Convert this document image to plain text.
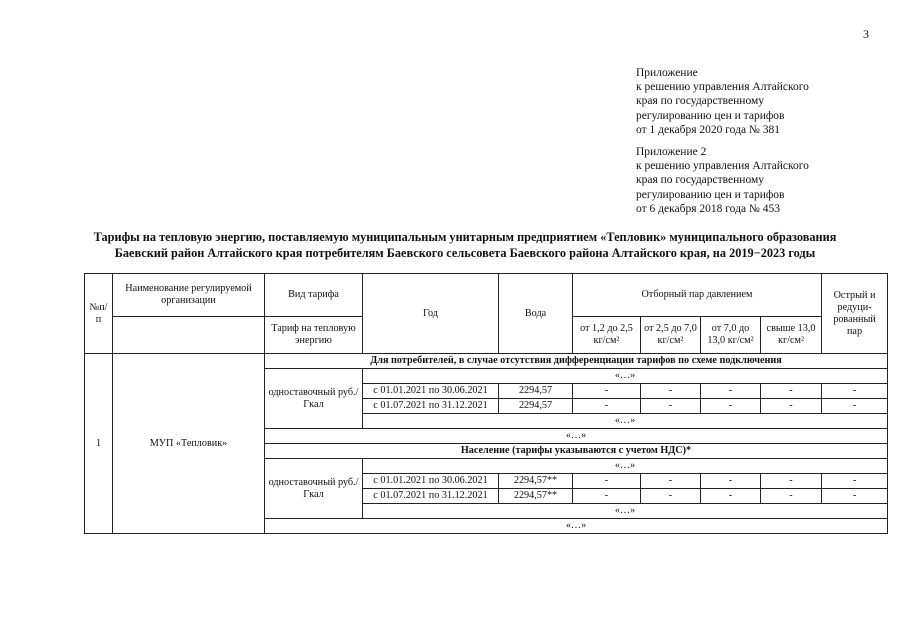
3
Приложение
к решению управления Алтайского
края по государственному
регулированию цен и тарифов
от 1 декабря 2020 года № 381
Приложение 2
к решению управления Алтайского
края по государственному
регулированию цен и тарифов
от 6 декабря 2018 года № 453
Тарифы на тепловую энергию, поставляемую муниципальным унитарным предприятием «Тепловик» муниципального образования
Баевский район Алтайского края потребителям Баевского сельсовета Баевского района Алтайского края, на 2019−2023 годы
№п/п	Наименование регулируемой организации	Вид тарифа	Год	Вода	Отборный пар давлением				Острый и редуци- рованный пар
		Тариф на тепловую энергию			от 1,2 до 2,5 кг/см²	от 2,5 до 7,0 кг/см²	от 7,0 до 13,0 кг/см²	свыше 13,0 кг/см²	
1	МУП «Тепловик»	Для потребителей, в случае отсутствия дифференциации тарифов по схеме подключения							
		одноставочный руб./Гкал	«…»						
			с 01.01.2021 по 30.06.2021	2294,57	-	-	-	-	-
			с 01.07.2021 по 31.12.2021	2294,57	-	-	-	-	-
			«…»						
		«…»							
		Население (тарифы указываются с учетом НДС)*							
		одноставочный руб./Гкал	«…»						
			с 01.01.2021 по 30.06.2021	2294,57**	-	-	-	-	-
			с 01.07.2021 по 31.12.2021	2294,57**	-	-	-	-	-
			«…»						
		«…»							
